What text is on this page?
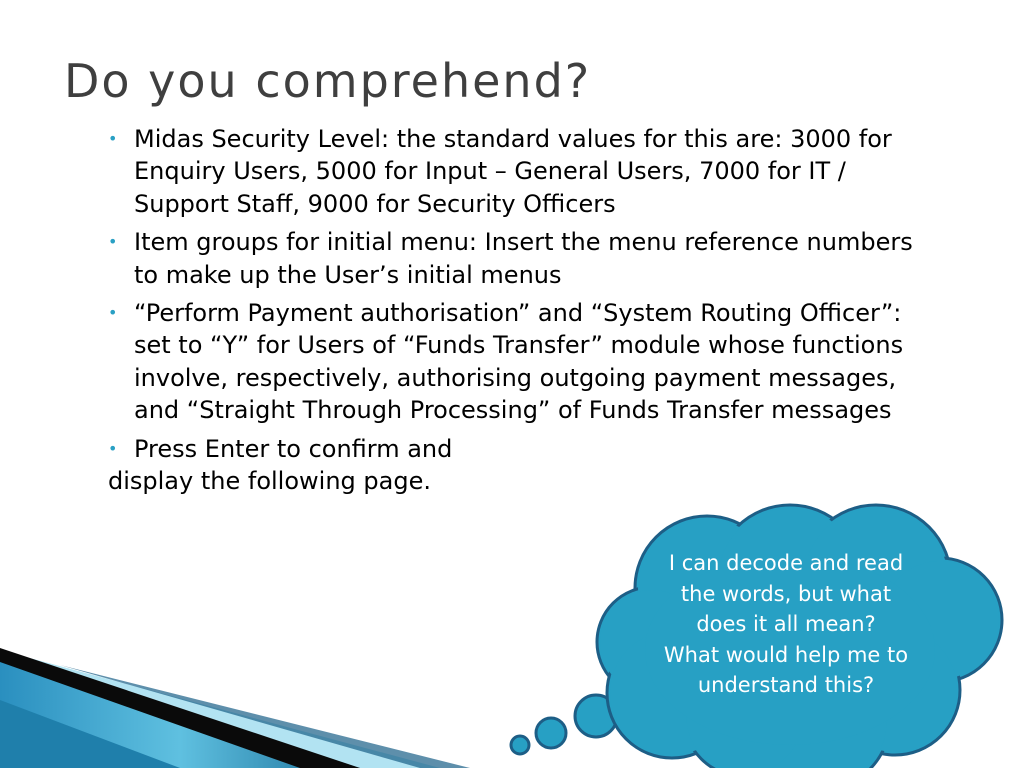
Do you comprehend?
• Midas Security Level: the standard values for this are: 3000 for Enquiry Users, 5000 for Input – General Users, 7000 for IT / Support Staff, 9000 for Security Officers
• Item groups for initial menu: Insert the menu reference numbers to make up the User’s initial menus
• “Perform Payment authorisation” and “System Routing Officer”: set to “Y” for Users of “Funds Transfer” module whose functions involve, respectively, authorising outgoing payment messages, and “Straight Through Processing” of Funds Transfer messages
• Press Enter to confirm and
display the following page.
I can decode and read the words, but what does it all mean?
What would help me to understand this?
